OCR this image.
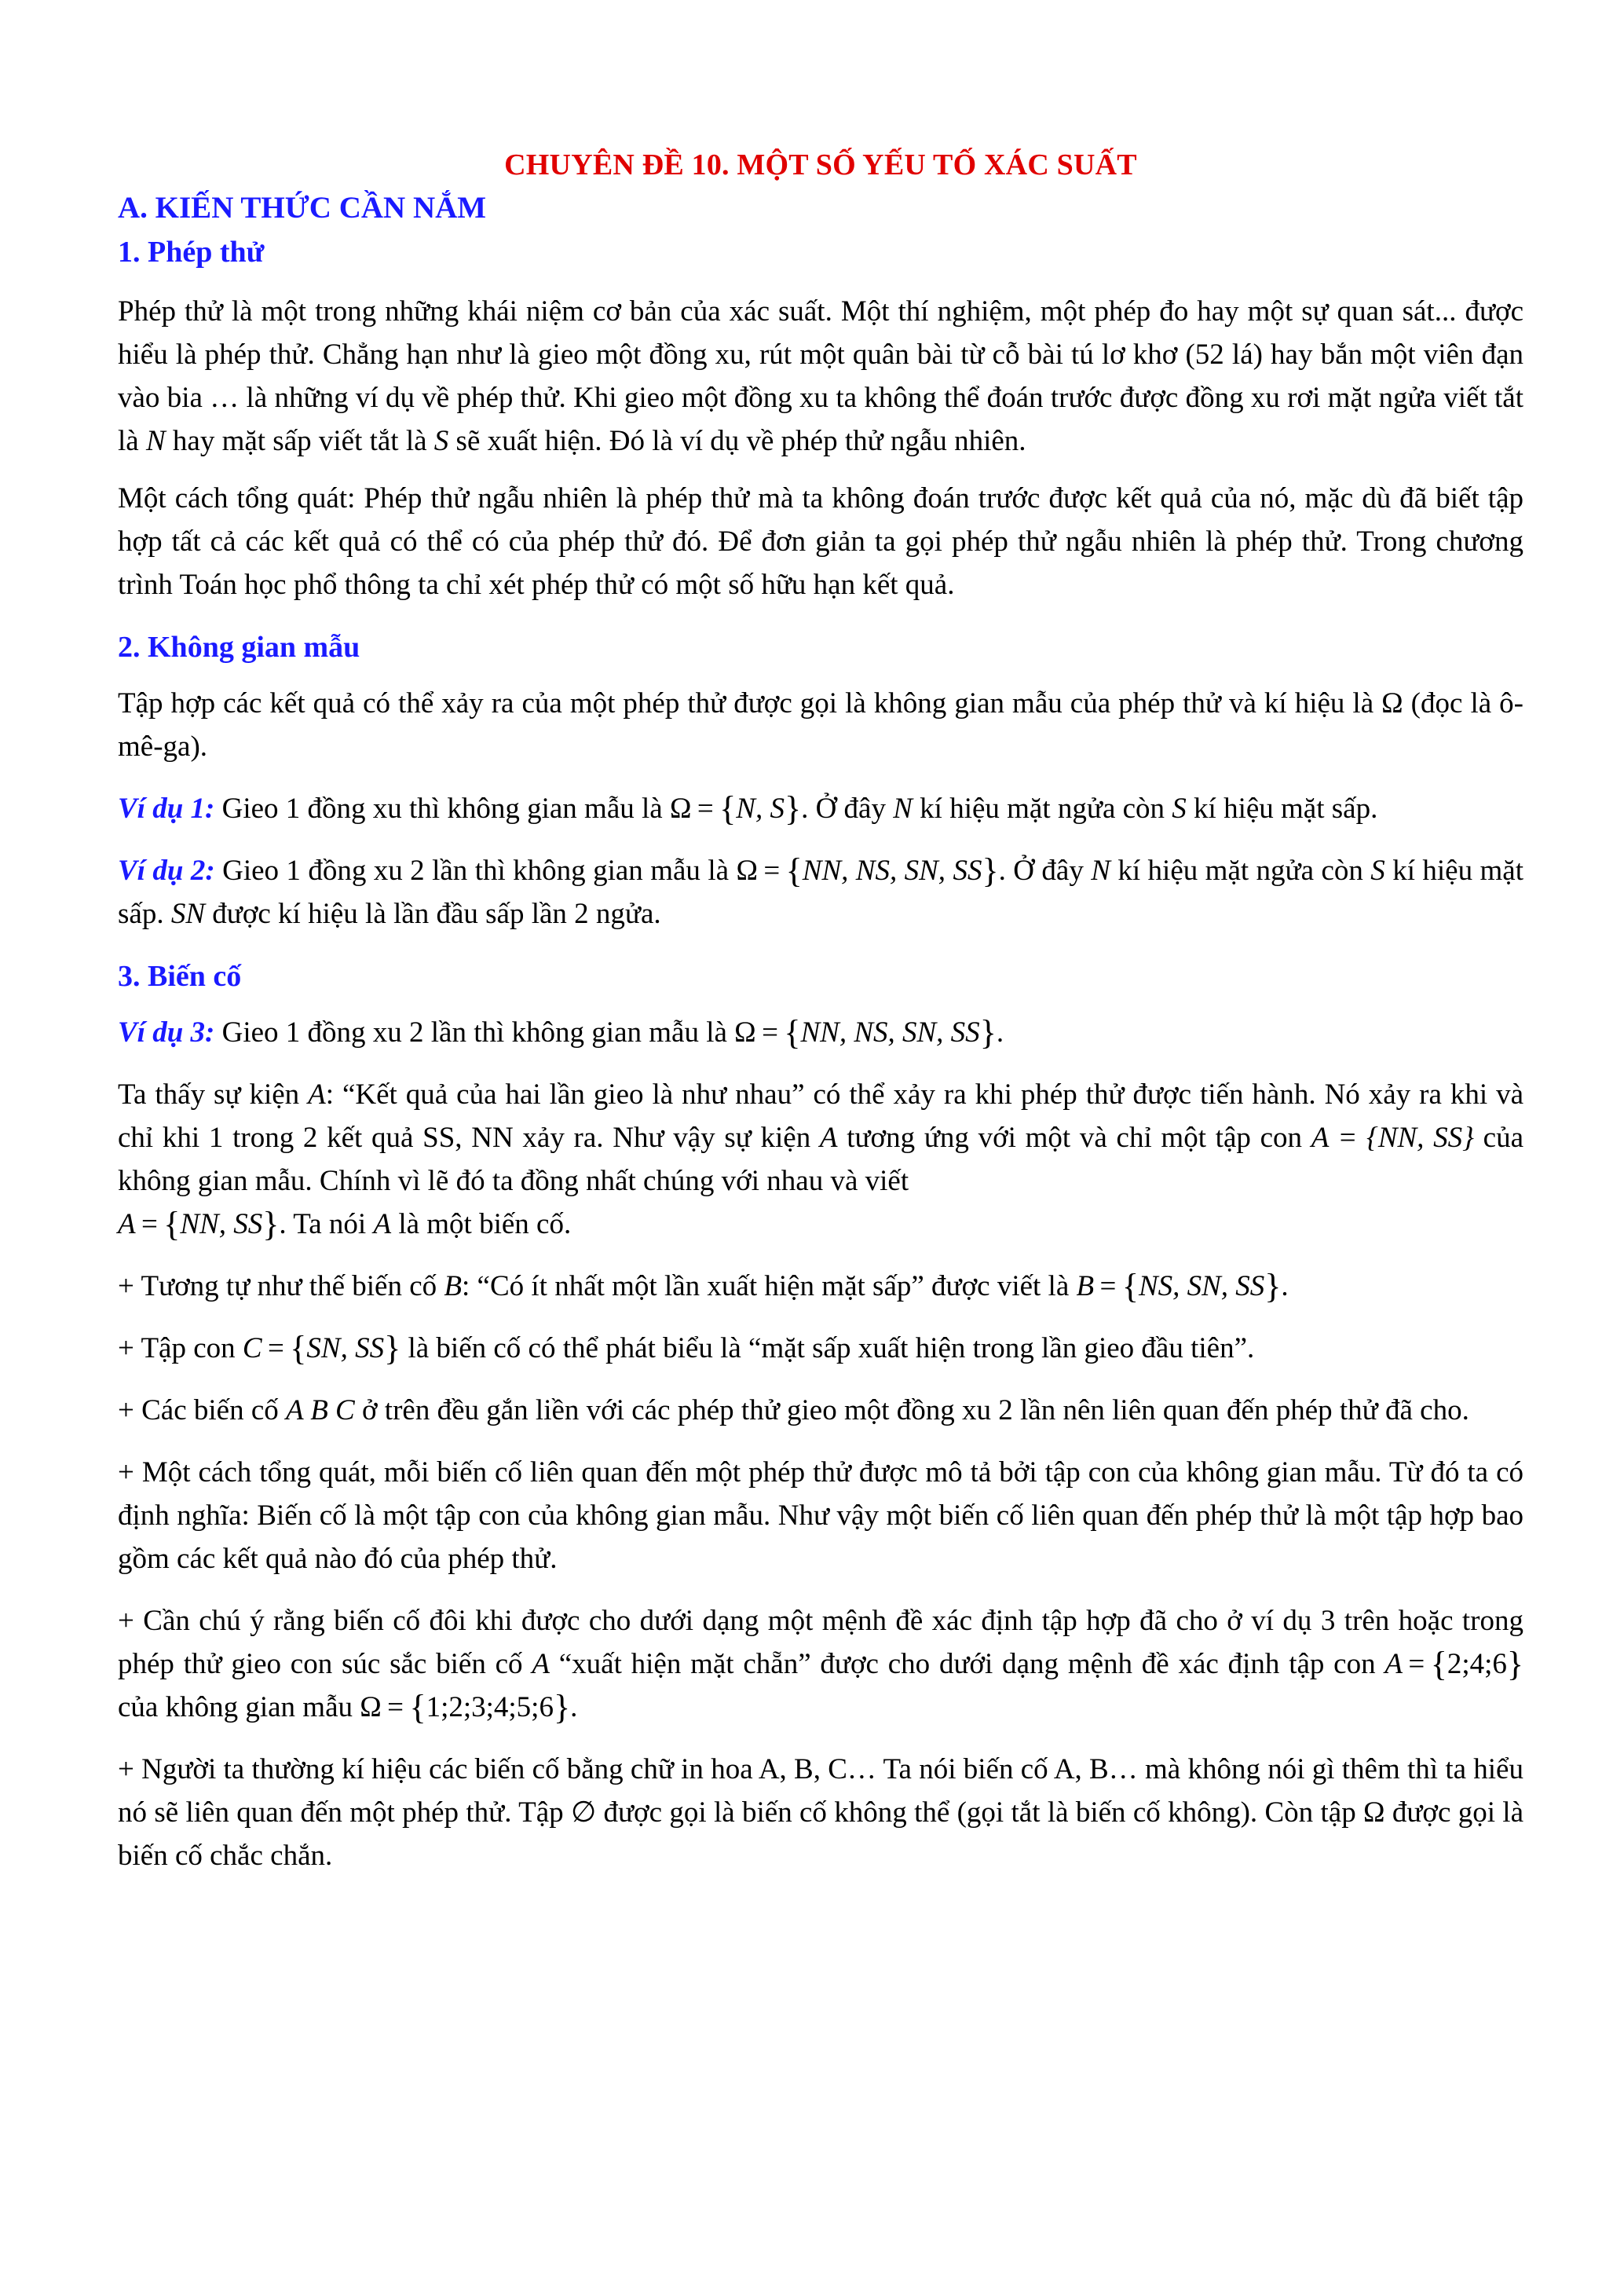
CHUYÊN ĐỀ 10. MỘT SỐ YẾU TỐ XÁC SUẤT
A. KIẾN THỨC CẦN NẮM
1. Phép thử

Phép thử là một trong những khái niệm cơ bản của xác suất. Một thí nghiệm, một phép đo hay một sự quan sát... được hiểu là phép thử. Chẳng hạn như là gieo một đồng xu, rút một quân bài từ cỗ bài tú lơ khơ (52 lá) hay bắn một viên đạn vào bia … là những ví dụ về phép thử. Khi gieo một đồng xu ta không thể đoán trước được đồng xu rơi mặt ngửa viết tắt là N hay mặt sấp viết tắt là S sẽ xuất hiện. Đó là ví dụ về phép thử ngẫu nhiên.

Một cách tổng quát: Phép thử ngẫu nhiên là phép thử mà ta không đoán trước được kết quả của nó, mặc dù đã biết tập hợp tất cả các kết quả có thể có của phép thử đó. Để đơn giản ta gọi phép thử ngẫu nhiên là phép thử. Trong chương trình Toán học phổ thông ta chỉ xét phép thử có một số hữu hạn kết quả.

2. Không gian mẫu

Tập hợp các kết quả có thể xảy ra của một phép thử được gọi là không gian mẫu của phép thử và kí hiệu là Ω (đọc là ô-mê-ga).

Ví dụ 1: Gieo 1 đồng xu thì không gian mẫu là Ω = {N, S}. Ở đây N kí hiệu mặt ngửa còn S kí hiệu mặt sấp.

Ví dụ 2: Gieo 1 đồng xu 2 lần thì không gian mẫu là Ω = {NN, NS, SN, SS}. Ở đây N kí hiệu mặt ngửa còn S kí hiệu mặt sấp. SN được kí hiệu là lần đầu sấp lần 2 ngửa.

3. Biến cố

Ví dụ 3: Gieo 1 đồng xu 2 lần thì không gian mẫu là Ω = {NN, NS, SN, SS}.

Ta thấy sự kiện A: “Kết quả của hai lần gieo là như nhau” có thể xảy ra khi phép thử được tiến hành. Nó xảy ra khi và chỉ khi 1 trong 2 kết quả SS, NN xảy ra. Như vậy sự kiện A tương ứng với một và chỉ một tập con A = {NN, SS} của không gian mẫu. Chính vì lẽ đó ta đồng nhất chúng với nhau và viết
A = {NN, SS}. Ta nói A là một biến cố.

+ Tương tự như thế biến cố B: “Có ít nhất một lần xuất hiện mặt sấp” được viết là B = {NS, SN, SS}.

+ Tập con C = {SN, SS} là biến cố có thể phát biểu là “mặt sấp xuất hiện trong lần gieo đầu tiên”.

+ Các biến cố A B C ở trên đều gắn liền với các phép thử gieo một đồng xu 2 lần nên liên quan đến phép thử đã cho.

+ Một cách tổng quát, mỗi biến cố liên quan đến một phép thử được mô tả bởi tập con của không gian mẫu. Từ đó ta có định nghĩa: Biến cố là một tập con của không gian mẫu. Như vậy một biến cố liên quan đến phép thử là một tập hợp bao gồm các kết quả nào đó của phép thử.

+ Cần chú ý rằng biến cố đôi khi được cho dưới dạng một mệnh đề xác định tập hợp đã cho ở ví dụ 3 trên hoặc trong phép thử gieo con súc sắc biến cố A “xuất hiện mặt chẵn” được cho dưới dạng mệnh đề xác định tập con A = {2;4;6} của không gian mẫu Ω = {1;2;3;4;5;6}.

+ Người ta thường kí hiệu các biến cố bằng chữ in hoa A, B, C… Ta nói biến cố A, B… mà không nói gì thêm thì ta hiểu nó sẽ liên quan đến một phép thử. Tập ∅ được gọi là biến cố không thể (gọi tắt là biến cố không). Còn tập Ω được gọi là biến cố chắc chắn.
